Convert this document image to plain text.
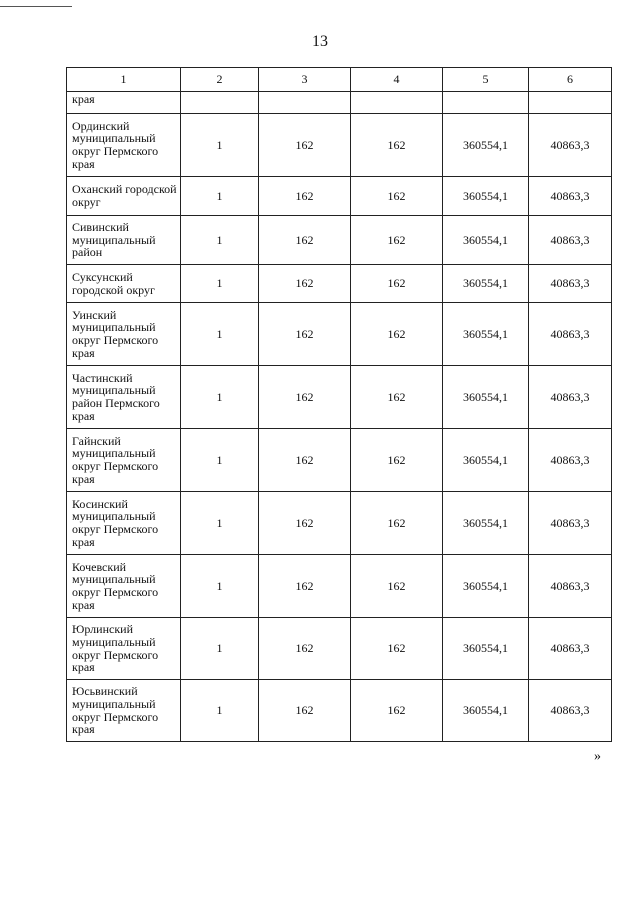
13
1	2	3	4	5	6
края					
Ординский муниципальный округ Пермского края	1	162	162	360554,1	40863,3
Оханский городской округ	1	162	162	360554,1	40863,3
Сивинский муниципальный район	1	162	162	360554,1	40863,3
Суксунский городской округ	1	162	162	360554,1	40863,3
Уинский муниципальный округ Пермского края	1	162	162	360554,1	40863,3
Частинский муниципальный район Пермского края	1	162	162	360554,1	40863,3
Гайнский муниципальный округ Пермского края	1	162	162	360554,1	40863,3
Косинский муниципальный округ Пермского края	1	162	162	360554,1	40863,3
Кочевский муниципальный округ Пермского края	1	162	162	360554,1	40863,3
Юрлинский муниципальный округ Пермского края	1	162	162	360554,1	40863,3
Юсьвинский муниципальный округ Пермского края	1	162	162	360554,1	40863,3
»
